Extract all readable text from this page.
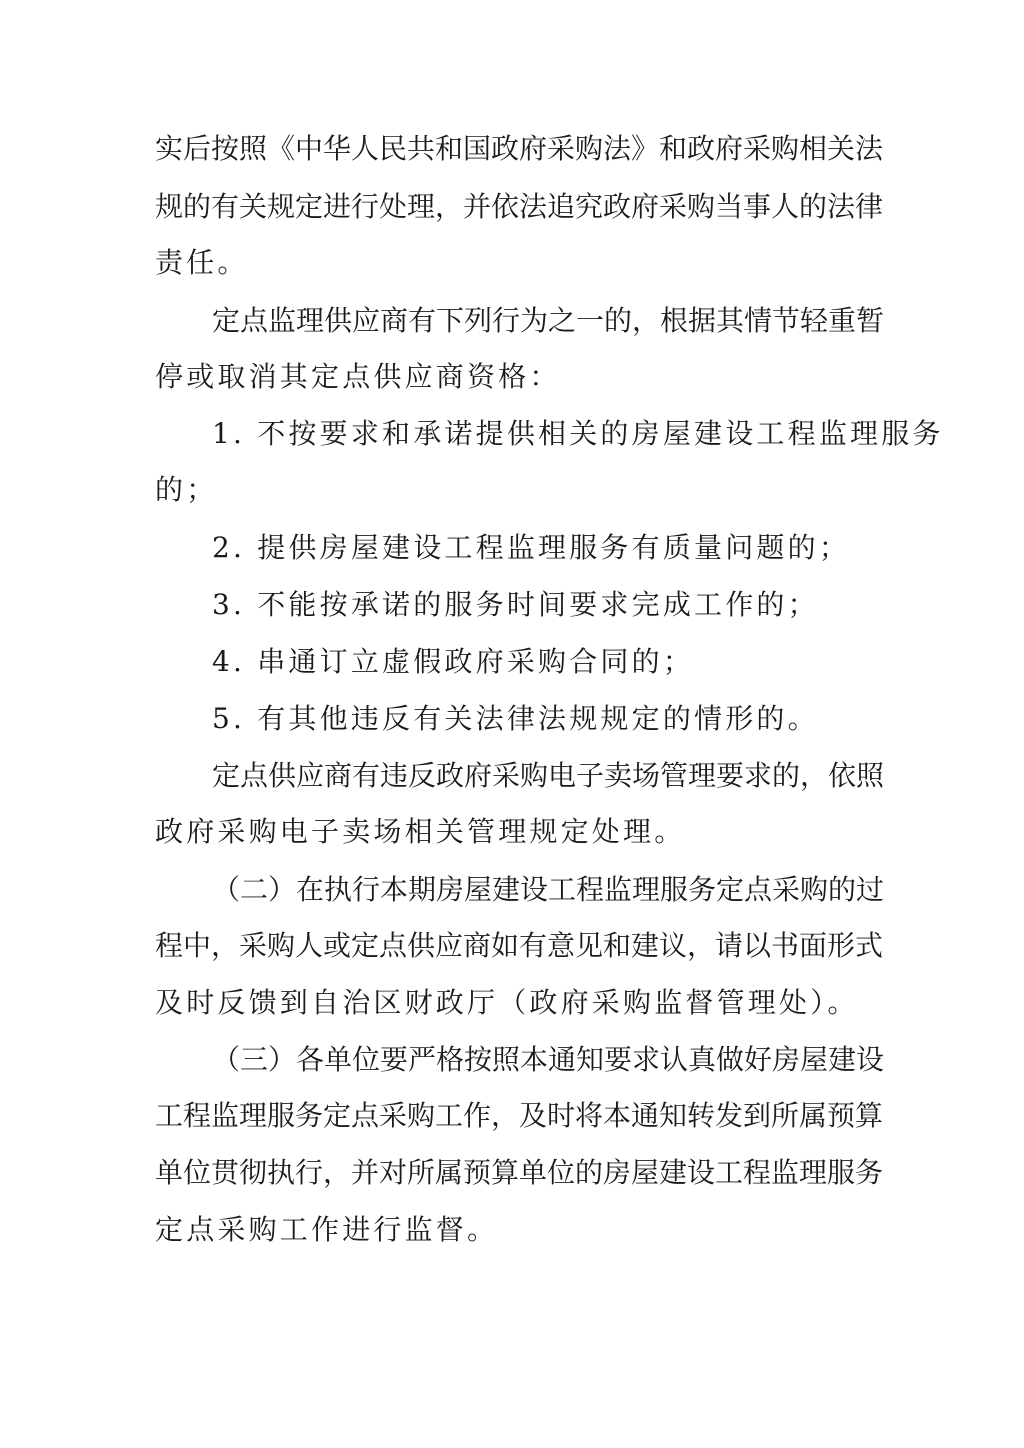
实后按照《中华人民共和国政府采购法》和政府采购相关法

规的有关规定进行处理，并依法追究政府采购当事人的法律

责任。

定点监理供应商有下列行为之一的，根据其情节轻重暂

停或取消其定点供应商资格：

1. 不按要求和承诺提供相关的房屋建设工程监理服务

的；

2. 提供房屋建设工程监理服务有质量问题的；

3. 不能按承诺的服务时间要求完成工作的；

4. 串通订立虚假政府采购合同的；

5. 有其他违反有关法律法规规定的情形的。

定点供应商有违反政府采购电子卖场管理要求的，依照

政府采购电子卖场相关管理规定处理。

（二）在执行本期房屋建设工程监理服务定点采购的过

程中，采购人或定点供应商如有意见和建议，请以书面形式

及时反馈到自治区财政厅（政府采购监督管理处）。

（三）各单位要严格按照本通知要求认真做好房屋建设

工程监理服务定点采购工作，及时将本通知转发到所属预算

单位贯彻执行，并对所属预算单位的房屋建设工程监理服务

定点采购工作进行监督。
